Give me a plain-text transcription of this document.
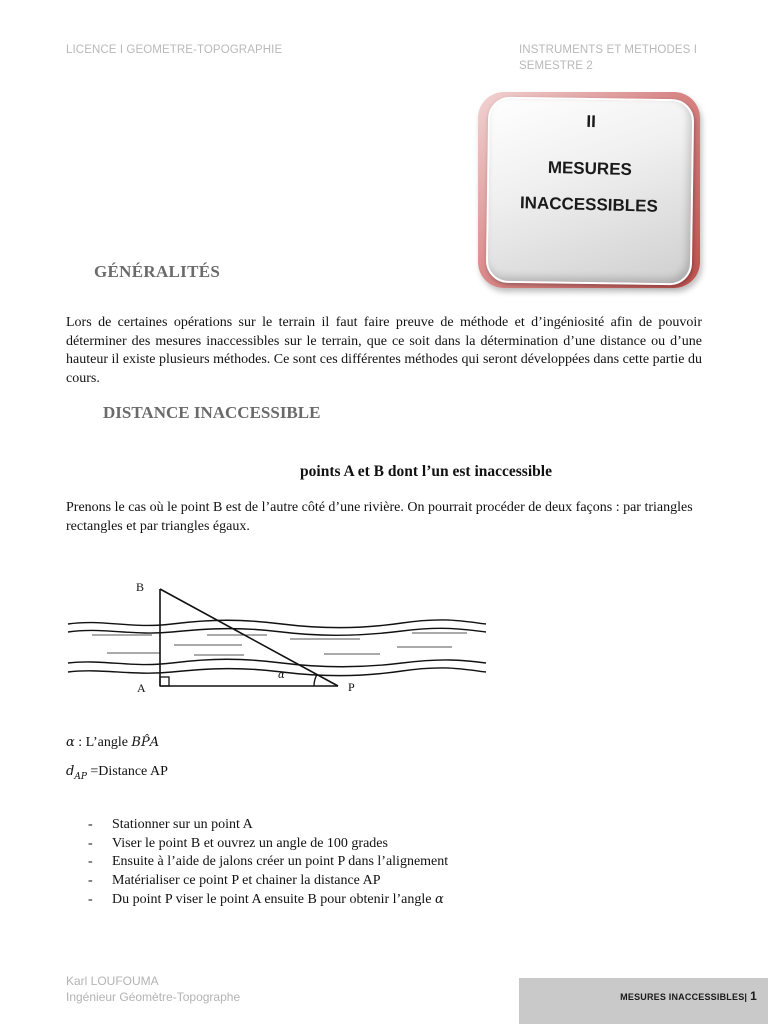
LICENCE I GEOMETRE-TOPOGRAPHIE	INSTRUMENTS ET METHODES I
SEMESTRE 2
II
MESURES
INACCESSIBLES
GÉNÉRALITÉS
Lors de certaines opérations sur le terrain il faut faire preuve de méthode et d’ingéniosité afin de pouvoir déterminer des mesures inaccessibles sur le terrain, que ce soit dans la détermination d’une distance ou d’une hauteur il existe plusieurs méthodes. Ce sont ces différentes méthodes qui seront développées dans cette partie du cours.
DISTANCE INACCESSIBLE
points A et B dont l’un est inaccessible
Prenons le cas où le point B est de l’autre côté d’une rivière. On pourrait procéder de deux façons : par triangles rectangles et par triangles égaux.
B
A	P
α
α : L’angle BP̂A
$d_{AP}$ =Distance AP
- Stationner sur un point A
- Viser le point B et ouvrez un angle de 100 grades
- Ensuite à l’aide de jalons créer un point P dans l’alignement
- Matérialiser ce point P et chainer la distance AP
- Du point P viser le point A ensuite B pour obtenir l’angle α
Karl LOUFOUMA
Ingénieur Géomètre-Topographe	MESURES INACCESSIBLES| 1
